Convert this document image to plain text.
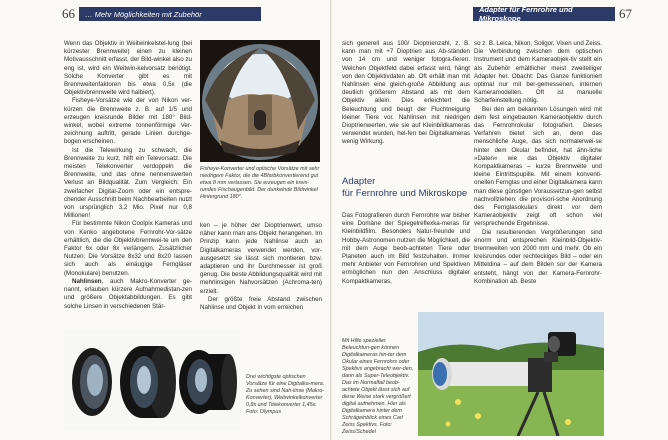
66	… Mehr Möglichkeiten mit Zubehör

Wenn das Objektiv in Weitwinkelstel-lung (bei kürzester Brennweite) einen zu kleinen Motivausschnitt erfasst, der Bild-winkel also zu eng ist, wird ein Weitwin-kelvorsatz benötigt. Solche Konverter gibt es mit Brennweitenfaktoren bis etwa 0,5x (die Objektivbrennweite wird halbiert).

Fisheye-Vorsätze wie der von Nikon ver-kürzen die Brennweite z. B. auf 1/5 und erzeugen kreisrunde Bilder mit 180° Bild-winkel, wobei extreme tonnenförmige Ver-zeichnung auftritt, gerade Linien durchge-bogen erscheinen.

Ist die Telewirkung zu schwach, die Brennweite zu kurz, hilft ein Televorsatz. Die meisten Telekonverter verdoppeln die Brennweite, und das ohne nennenswerten Verlust an Bildqualität. Zum Vergleich: Ein zweifacher Digital-Zoom oder ein entspre-chender Ausschnitt beim Nachbearbeiten nutzt von ursprünglich 3,2 Mio. Pixel nur 0,8 Millionen!

Für bestimmte Nikon Coolpix Kameras und von Kenko angebotene Fernrohr-Vor-sätze erhältlich, die die Objektivbrennwei-te um den Faktor 6x oder 8x verlängern. Zusätzlicher Nutzen: Die Vorsätze 8x32 und 8x20 lassen sich auch als einäugige Ferngläser (Monokulare) benutzen.

Nahlinsen, auch Makro-Konverter ge-nannt, erlauben kürzere Aufnahmedistan-zen und größere Objektabbildungen. Es gibt solche Linsen in verschiedenen Stär-

Fisheye-Konverter und optische Vorsätze mit sehr niedrigem Faktor, die die 4Bfarbkonvertierend gut etwa 8 mm verlassen. Sie erzeugen ein kreis-rundes Fischaugenbild. Der dunkelnde Bildwinkel Hintergrund 180°.

ken – je höher der Dioptrienwert, umso näher kann man ans Objekt herangehen. Im Prinzip kann jede Nahlinse auch an Digitalkameras verwendet werden, vor-ausgesetzt sie lässt sich montieren bzw. adaptieren und ihr Durchmesser ist groß genug. Die beste Abbildungsqualität wird mit mehrlinsigen Nahvorsätzen (Achroma-ten) erzielt.

Der größte freie Abstand zwischen Nahlinse und Objekt in vom erreichen

Drei wichtigste optischen Vorsätze für eine Digitalka-mera. Zu sehen sind Nah-linse (Makro-Konverter), Weitwinkelkonverter 0,8x und Telekonverter 1,45x. Foto: Olympus
Adapter für Fernrohre und Mikroskope	67

sich generell aus 100/ Dioptrienzahl, z. B. kann man mit +7 Dioptrien aus Ab-ständen von 14 cm und weniger fotogra-fieren. Welchen Objektfeld dabei erfasst wird, hängt von den Objektivdaten ab. Oft erhält man mit Nahlinsen eine gleich-große Abbildung aus deutlich größerem Abstand als mit dem Objektiv allein. Dies erleichtert die Beleuchtung und beugt der Fluchtneigung kleiner Tiere vor. Nahlinsen mit niedrigen Dioptrienwerten, wie sie auf Kleinbildkameras verwendet wurden, hel-fen bei Digitalkameras wenig Wirkung.

Adapter
für Fernrohre und Mikroskope

Das Fotografieren durch Fernrohre war bisher eine Domäne der Spiegelreflexka-meras für Kleinbildfilm. Besonders Natur-freunde und Hobby-Astronomen nutzen die Möglichkeit, die mit dem Auge beob-achteten Tiere oder Planeten auch im Bild festzuhalten. Immer mehr Anbieter von Fernrohren und Spektiven ermöglichen nun den Anschluss digitaler Kompaktkameras,

so z. B. Leica, Nikon, Soligor, Vixen und Zeiss. Die Verbindung zwischen dem optischen Instrument und dem Kameraobjek-tiv stellt ein als Zubehör erhältlicher meist zweiteiliger Adapter her. Obacht: Das Ganze funktioniert optimal nur mit ber-gemessenen, internen Kameramodellen. Oft ist manuelle Scharfeinstellung nötig.

Bei den am bekannten Lösungen wird mit dem fest eingebauten Kameraobjektiv durch das Fernrohrokular fotografiert. Dieses Verfahren bietet sich an, denn das menschliche Auge, das sich normalerwei-se hinter dem Okular befindet, hat ähn-liche »Daten« wie das Objektiv digitaler Kompaktkameras – kurze Brennweite und kleine Eintrittspupille. Mit einem konventi-onellen Fernglas und einer Digitalkamera kann man diese günstigen Voraussetzun-gen selbst nachvollziehen: die provisori-sche Anordnung des Fernglasokulars direkt vor dem Kameraobjektiv zeigt oft schon viel versprechende Ergebnisse.

Die resultierenden Vergrößerungen sind enorm und entsprechen Kleinbild-Objektiv-brennweiten von 2000 mm und mehr. Ob ein kreisrundes oder rechteckiges Bild – oder ein Mitteldina – auf dem Bilden sor der Kamera entsteht, hängt von der Kamera-Fernrohr-Kombination ab. Beste

Mit Hilfe spezieller Beleuchtun-gen können Digitalkameras hin-ter dem Okular eines Fernrohrs oder Spektivs angebracht wer-den, dann als Super-Teleobjektiv. Das im Normalfall beob-achtete Objekt lässt sich auf diese Weise stark vergrößert digital aufnehmen. Hier als Digitalkamera hinter dem Schrägeinblick eines Carl Zeiss Spektivs. Foto: Zeiss/Schedel
